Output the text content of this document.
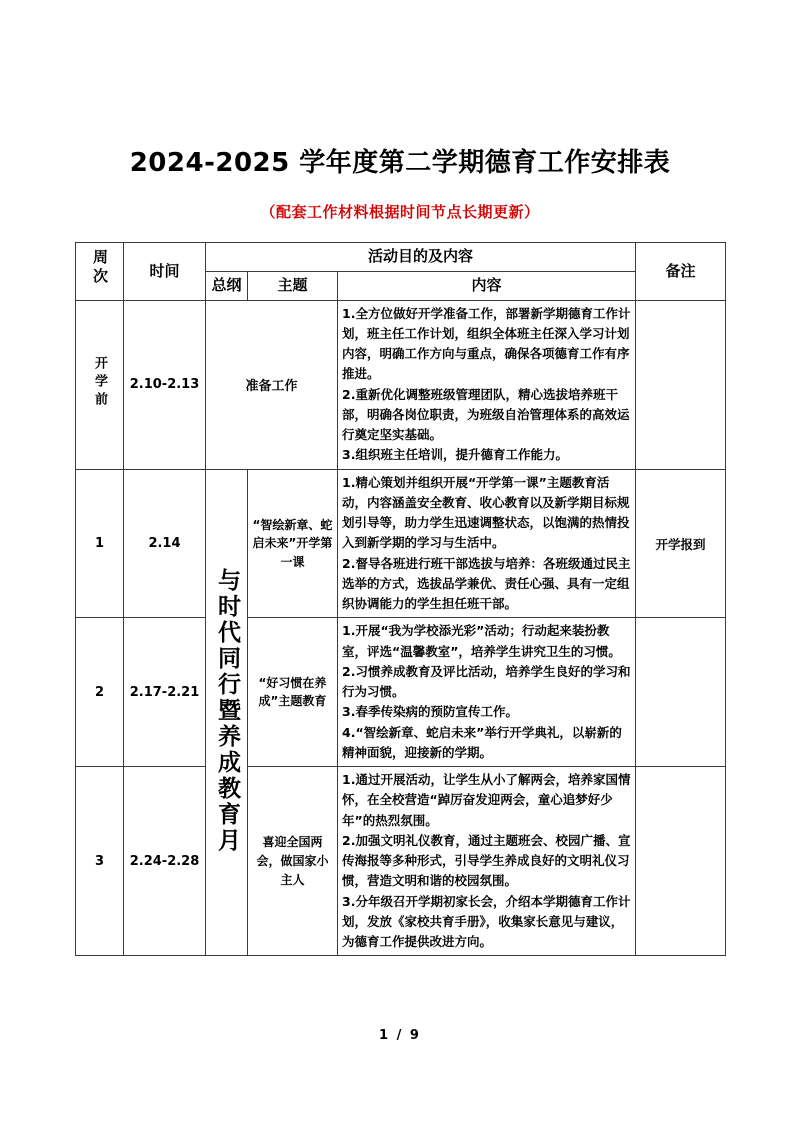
2024-2025 学年度第二学期德育工作安排表
（配套工作材料根据时间节点长期更新）
周次	时间	活动目的及内容			备注
		总纲	主题	内容	
开学前	2.10-2.13	准备工作		1.全方位做好开学准备工作，部署新学期德育工作计划，班主任工作计划，组织全体班主任深入学习计划内容，明确工作方向与重点，确保各项德育工作有序推进。

2.重新优化调整班级管理团队，精心选拔培养班干部，明确各岗位职责，为班级自治管理体系的高效运行奠定坚实基础。

3.组织班主任培训，提升德育工作能力。	

1	2.14	与时代同行暨养成教育月	“智绘新章、蛇启未来”开学第一课	1.精心策划并组织开展“开学第一课”主题教育活动，内容涵盖安全教育、收心教育以及新学期目标规划引导等，助力学生迅速调整状态，以饱满的热情投入到新学期的学习与生活中。

2.督导各班进行班干部选拔与培养：各班级通过民主选举的方式，选拔品学兼优、责任心强、具有一定组织协调能力的学生担任班干部。	开学报到
2	2.17-2.21		“好习惯在养成”主题教育	1.开展“我为学校添光彩”活动；行动起来装扮教室，评选“温馨教室”，培养学生讲究卫生的习惯。

2.习惯养成教育及评比活动，培养学生良好的学习和行为习惯。

3.春季传染病的预防宣传工作。

4.“智绘新章、蛇启未来”举行开学典礼，以崭新的精神面貌，迎接新的学期。	

3	2.24-2.28		喜迎全国两会，做国家小主人	1.通过开展活动，让学生从小了解两会，培养家国情怀，在全校营造“踔厉奋发迎两会，童心追梦好少年”的热烈氛围。

2.加强文明礼仪教育，通过主题班会、校园广播、宣传海报等多种形式，引导学生养成良好的文明礼仪习惯，营造文明和谐的校园氛围。

3.分年级召开学期初家长会，介绍本学期德育工作计划，发放《家校共育手册》，收集家长意见与建议，为德育工作提供改进方向。	

1 / 9
